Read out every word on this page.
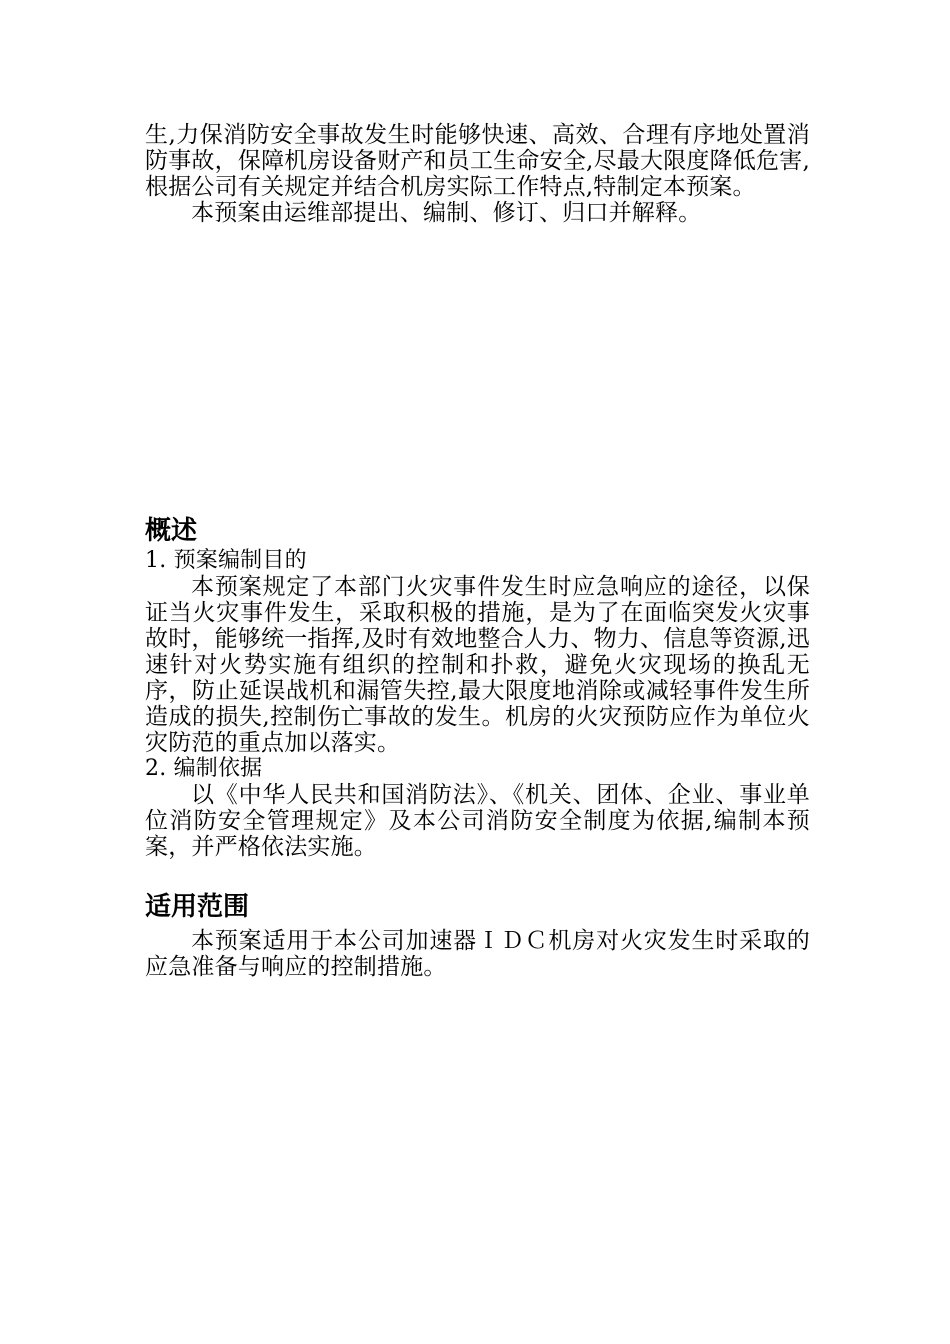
生,力保消防安全事故发生时能够快速、高效、合理有序地处置消防事故，保障机房设备财产和员工生命安全,尽最大限度降低危害,根据公司有关规定并结合机房实际工作特点,特制定本预案。

本预案由运维部提出、编制、修订、归口并解释。

概述

1. 预案编制目的

本预案规定了本部门火灾事件发生时应急响应的途径，以保证当火灾事件发生，采取积极的措施，是为了在面临突发火灾事故时，能够统一指挥,及时有效地整合人力、物力、信息等资源,迅速针对火势实施有组织的控制和扑救，避免火灾现场的换乱无序，防止延误战机和漏管失控,最大限度地消除或减轻事件发生所造成的损失,控制伤亡事故的发生。机房的火灾预防应作为单位火灾防范的重点加以落实。

2. 编制依据

以《中华人民共和国消防法》、《机关、团体、企业、事业单位消防安全管理规定》及本公司消防安全制度为依据,编制本预案，并严格依法实施。

适用范围

本预案适用于本公司加速器ＩＤＣ机房对火灾发生时采取的应急准备与响应的控制措施。
